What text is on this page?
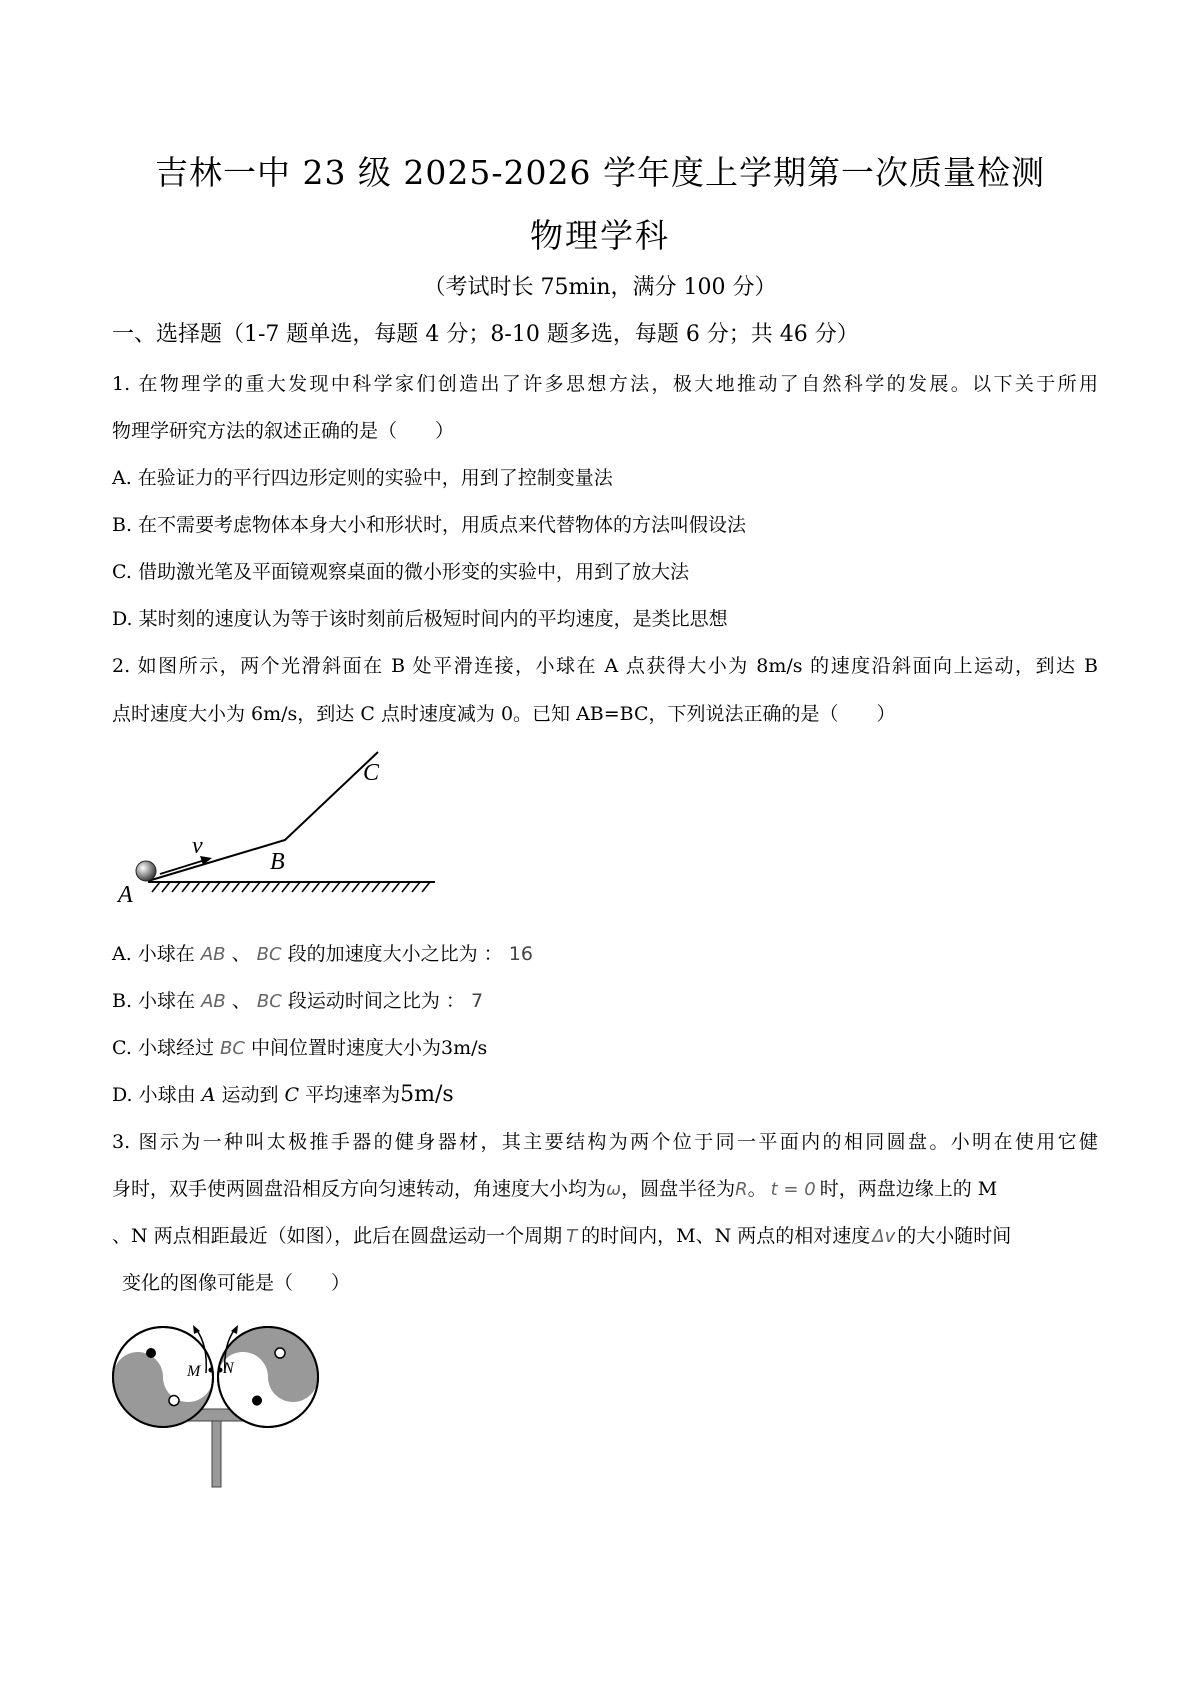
吉林一中 23 级 2025-2026 学年度上学期第一次质量检测
物理学科
（考试时长 75min，满分 100 分）
一、选择题（1-7 题单选，每题 4 分；8-10 题多选，每题 6 分；共 46 分）
1. 在物理学的重大发现中科学家们创造出了许多思想方法，极大地推动了自然科学的发展。以下关于所用
物理学研究方法的叙述正确的是（　　）
A. 在验证力的平行四边形定则的实验中，用到了控制变量法
B. 在不需要考虑物体本身大小和形状时，用质点来代替物体的方法叫假设法
C. 借助激光笔及平面镜观察桌面的微小形变的实验中，用到了放大法
D. 某时刻的速度认为等于该时刻前后极短时间内的平均速度，是类比思想
2. 如图所示，两个光滑斜面在 B 处平滑连接，小球在 A 点获得大小为 8m/s 的速度沿斜面向上运动，到达 B
点时速度大小为 6m/s，到达 C 点时速度减为 0。已知 AB=BC，下列说法正确的是（　　）
A
v
B
C
A. 小球在 AB 、 BC 段的加速度大小之比为 ： 16
B. 小球在 AB 、 BC 段运动时间之比为 ： 7
C. 小球经过 BC 中间位置时速度大小为3m/s
D. 小球由 A 运动到 C 平均速率为5m/s
3. 图示为一种叫太极推手器的健身器材，其主要结构为两个位于同一平面内的相同圆盘。小明在使用它健
身时，双手使两圆盘沿相反方向匀速转动，角速度大小均为ω，圆盘半径为R。 t = 0 时，两盘边缘上的 M
、N 两点相距最近（如图），此后在圆盘运动一个周期 T 的时间内，M、N 两点的相对速度 Δv 的大小随时间
变化的图像可能是（　　）
M N
